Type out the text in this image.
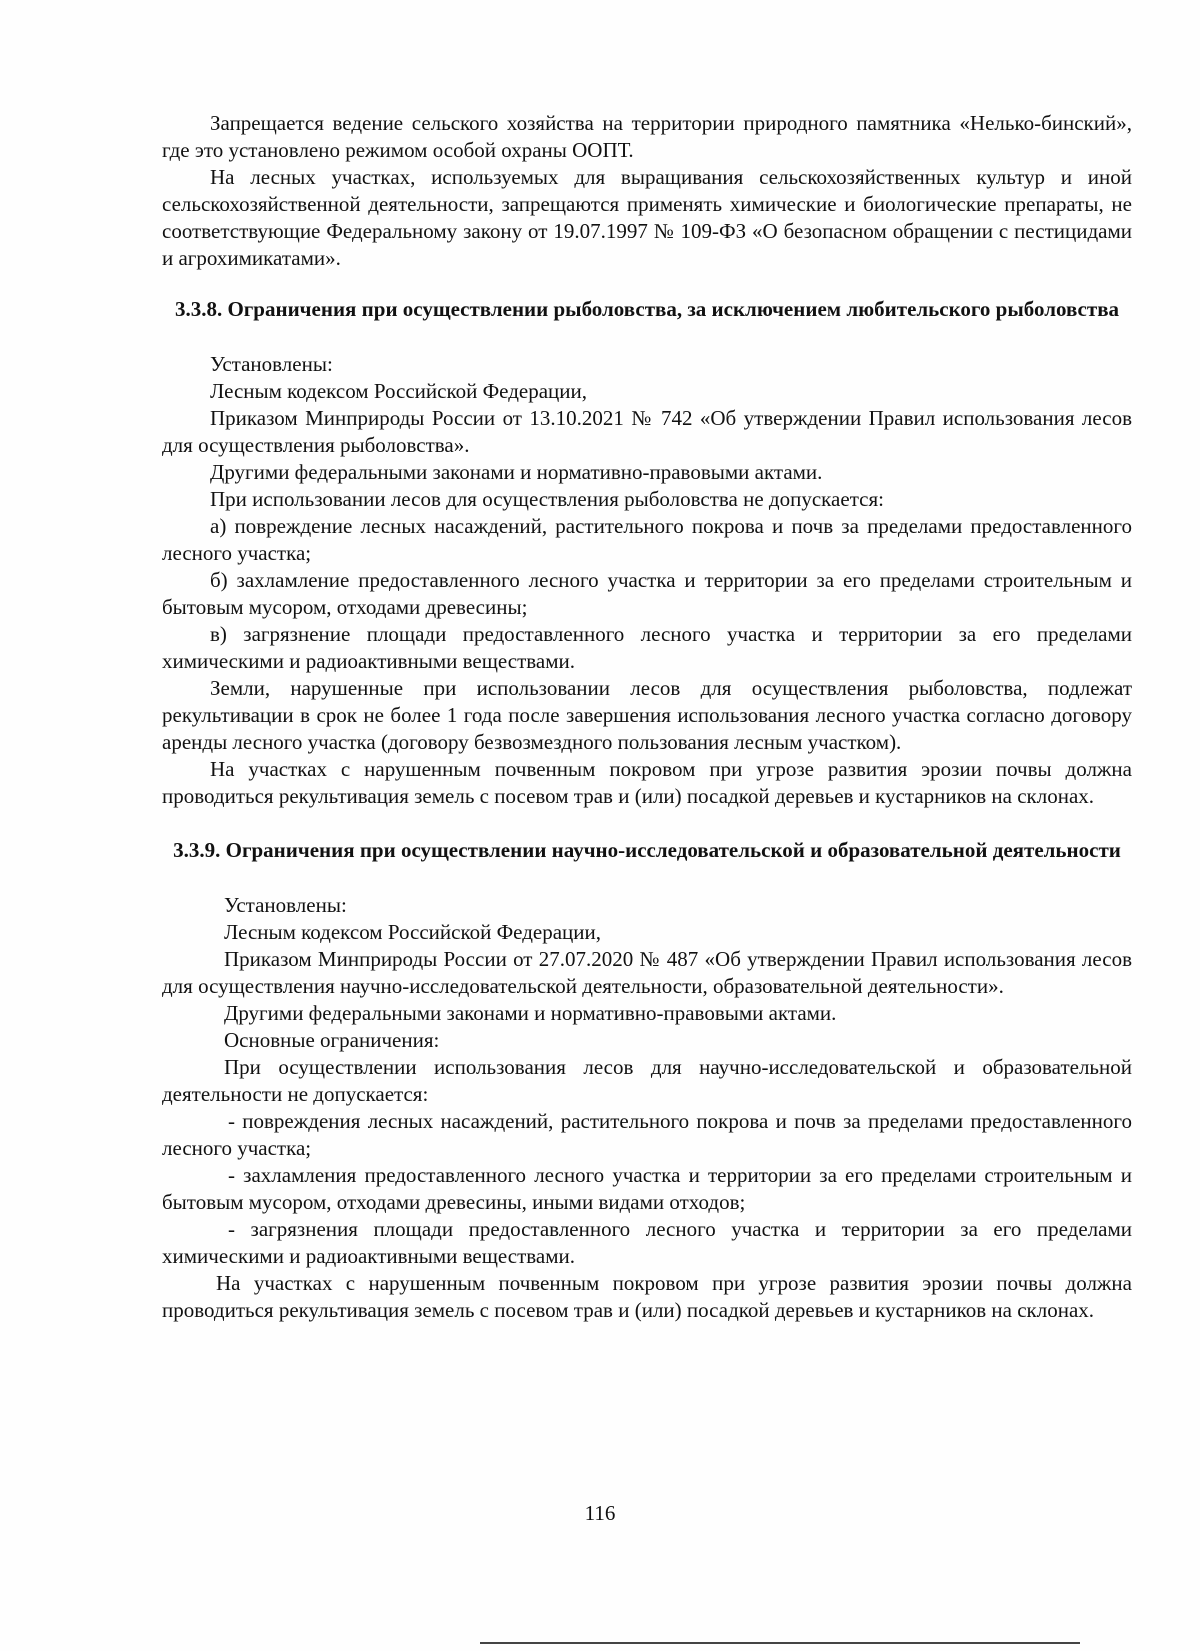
Запрещается ведение сельского хозяйства на территории природного памятника «Нелько-бинский», где это установлено режимом особой охраны ООПТ.

На лесных участках, используемых для выращивания сельскохозяйственных культур и иной сельскохозяйственной деятельности, запрещаются применять химические и биологические препараты, не соответствующие Федеральному закону от 19.07.1997 № 109-ФЗ «О безопасном обращении с пестицидами и агрохимикатами».

3.3.8. Ограничения при осуществлении рыболовства, за исключением любительского рыболовства

Установлены:

Лесным кодексом Российской Федерации,

Приказом Минприроды России от 13.10.2021 № 742 «Об утверждении Правил использования лесов для осуществления рыболовства».

Другими федеральными законами и нормативно-правовыми актами.

При использовании лесов для осуществления рыболовства не допускается:

а) повреждение лесных насаждений, растительного покрова и почв за пределами предоставленного лесного участка;

б) захламление предоставленного лесного участка и территории за его пределами строительным и бытовым мусором, отходами древесины;

в) загрязнение площади предоставленного лесного участка и территории за его пределами химическими и радиоактивными веществами.

Земли, нарушенные при использовании лесов для осуществления рыболовства, подлежат рекультивации в срок не более 1 года после завершения использования лесного участка согласно договору аренды лесного участка (договору безвозмездного пользования лесным участком).

На участках с нарушенным почвенным покровом при угрозе развития эрозии почвы должна проводиться рекультивация земель с посевом трав и (или) посадкой деревьев и кустарников на склонах.

3.3.9. Ограничения при осуществлении научно-исследовательской и образовательной деятельности

Установлены:

Лесным кодексом Российской Федерации,

Приказом Минприроды России от 27.07.2020 № 487 «Об утверждении Правил использования лесов для осуществления научно-исследовательской деятельности, образовательной деятельности».

Другими федеральными законами и нормативно-правовыми актами.

Основные ограничения:

При осуществлении использования лесов для научно-исследовательской и образовательной деятельности не допускается:

- повреждения лесных насаждений, растительного покрова и почв за пределами предоставленного лесного участка;

- захламления предоставленного лесного участка и территории за его пределами строительным и бытовым мусором, отходами древесины, иными видами отходов;

- загрязнения площади предоставленного лесного участка и территории за его пределами химическими и радиоактивными веществами.

На участках с нарушенным почвенным покровом при угрозе развития эрозии почвы должна проводиться рекультивация земель с посевом трав и (или) посадкой деревьев и кустарников на склонах.

116
